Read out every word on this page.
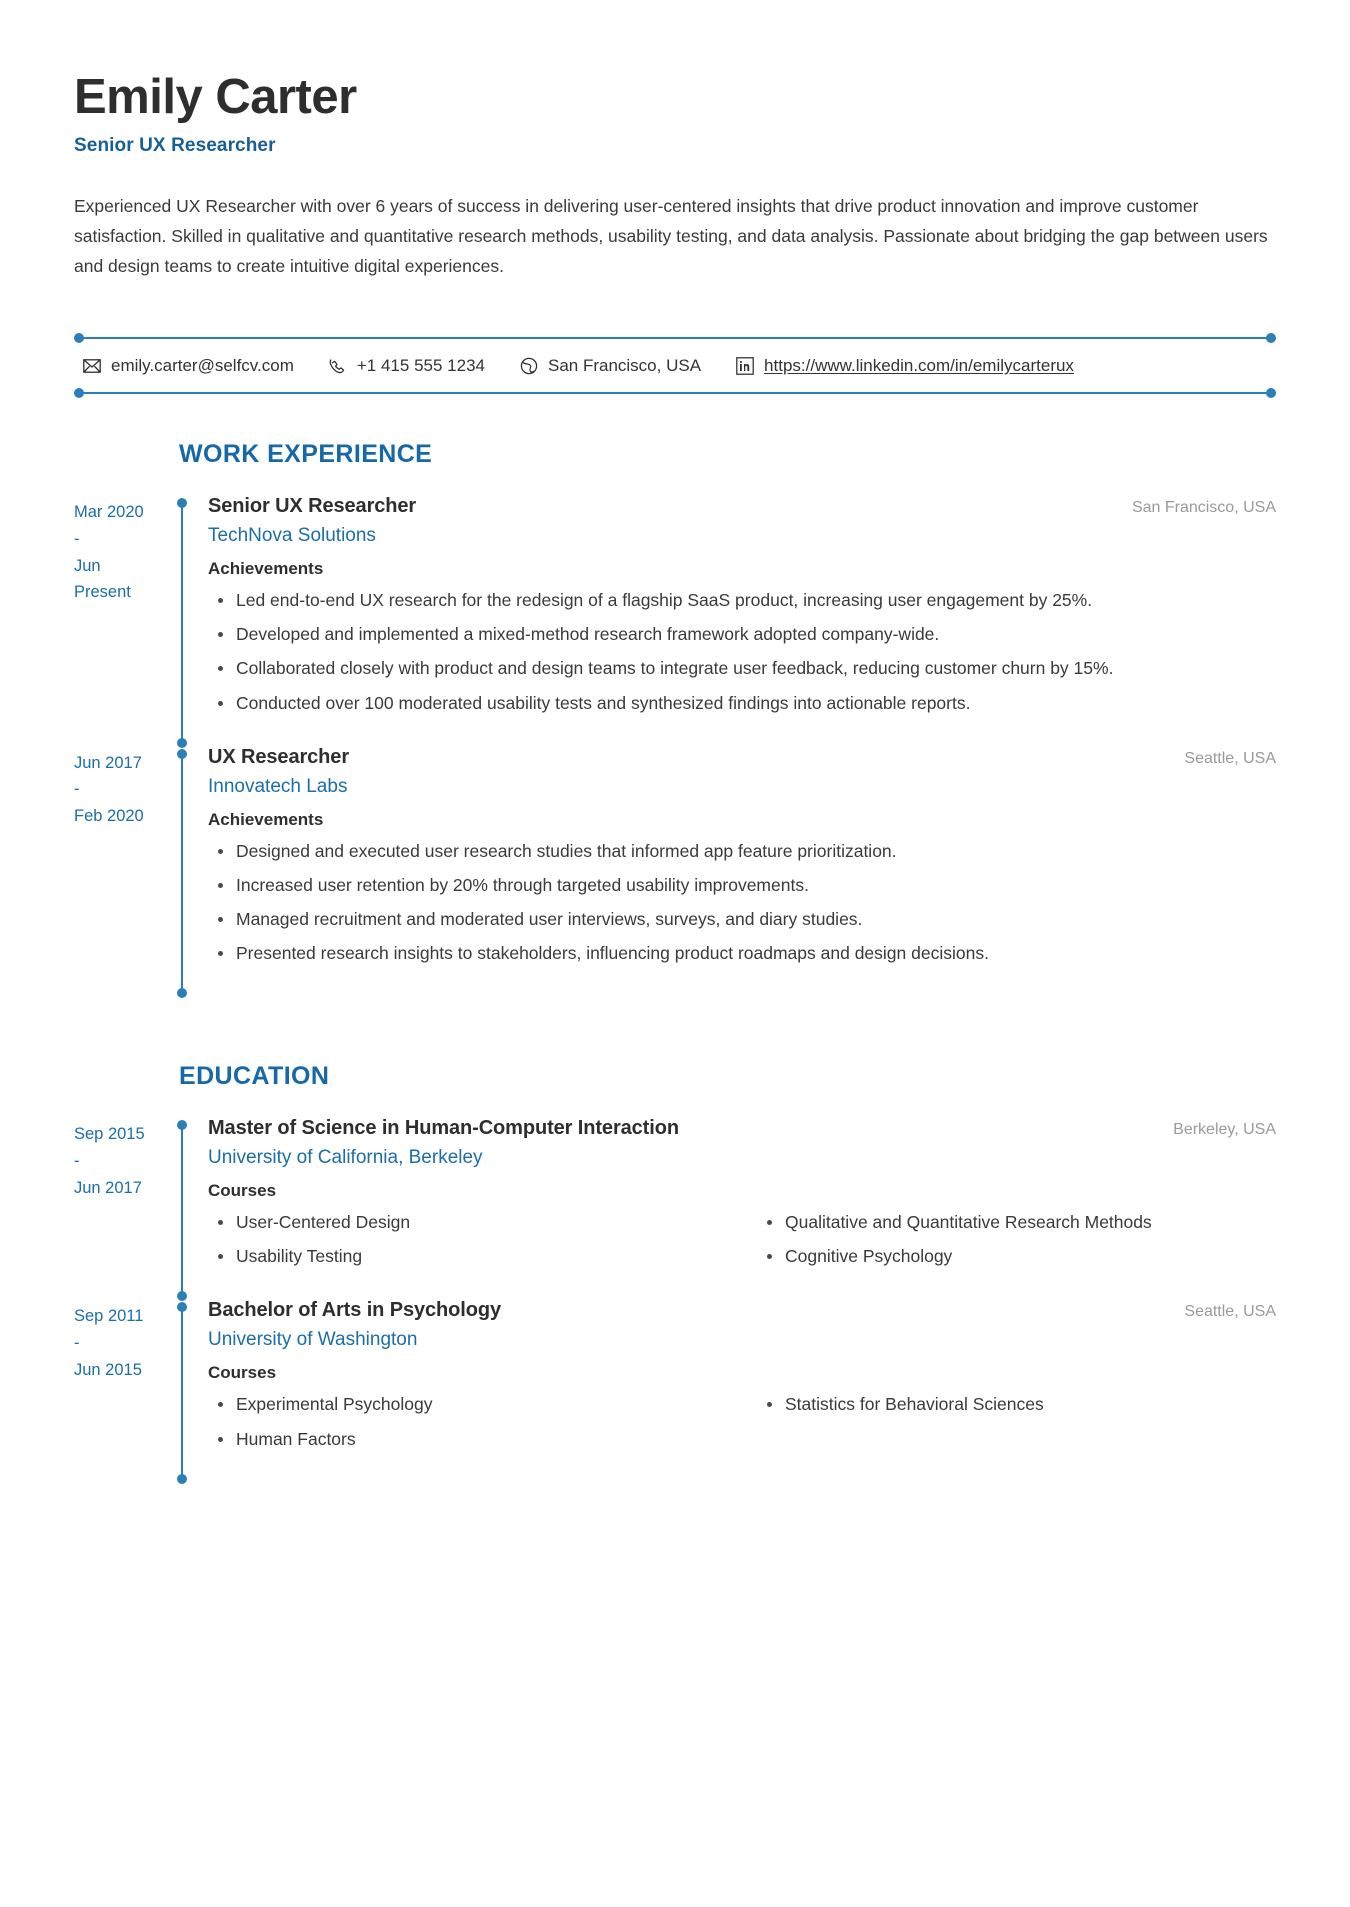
Emily Carter
Senior UX Researcher

Experienced UX Researcher with over 6 years of success in delivering user-centered insights that drive product innovation and improve customer satisfaction. Skilled in qualitative and quantitative research methods, usability testing, and data analysis. Passionate about bridging the gap between users and design teams to create intuitive digital experiences.

emily.carter@selfcv.com	+1 415 555 1234	San Francisco, USA	https://www.linkedin.com/in/emilycarterux
WORK EXPERIENCE
Mar 2020
-
Jun
Present
Senior UX Researcher	San Francisco, USA
TechNova Solutions
Achievements
Led end-to-end UX research for the redesign of a flagship SaaS product, increasing user engagement by 25%.
Developed and implemented a mixed-method research framework adopted company-wide.
Collaborated closely with product and design teams to integrate user feedback, reducing customer churn by 15%.
Conducted over 100 moderated usability tests and synthesized findings into actionable reports.
Jun 2017
-
Feb 2020
UX Researcher	Seattle, USA
Innovatech Labs
Achievements
Designed and executed user research studies that informed app feature prioritization.
Increased user retention by 20% through targeted usability improvements.
Managed recruitment and moderated user interviews, surveys, and diary studies.
Presented research insights to stakeholders, influencing product roadmaps and design decisions.
EDUCATION
Sep 2015
-
Jun 2017
Master of Science in Human-Computer Interaction	Berkeley, USA
University of California, Berkeley
Courses
User-Centered Design	Qualitative and Quantitative Research Methods
Usability Testing	Cognitive Psychology
Sep 2011
-
Jun 2015
Bachelor of Arts in Psychology	Seattle, USA
University of Washington
Courses
Experimental Psychology	Statistics for Behavioral Sciences
Human Factors
